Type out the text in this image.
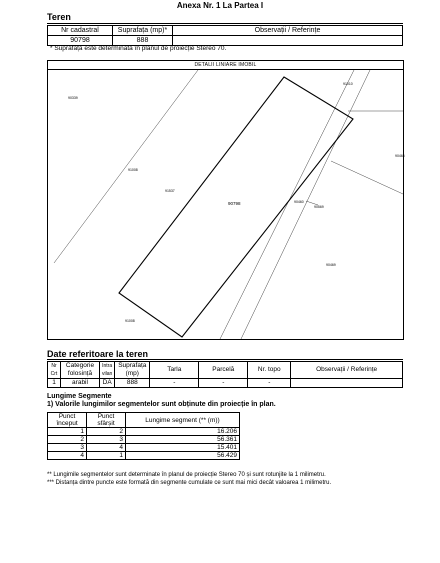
Anexa Nr. 1 La Partea I
Teren
Nr cadastral	Suprafața (mp)*	Observații / Referințe
90798	888	
* Suprafața este determinată în planul de proiecție Stereo 70.
90339
91008
91010
91537
90460
90569
90465
90469
91008
90798
DETALII LINIARE IMOBIL
Date referitoare la teren
Nr Crt	Categorie folosință	Intra vilan	Suprafața (mp)	Tarla	Parcelă	Nr. topo	Observații / Referințe
1	arabil	DA	888	-	-	-	
Lungime Segmente
1) Valorile lungimilor segmentelor sunt obținute din proiecție în plan.
Punct început	Punct sfârșit	Lungime segment (** (m))
1	2	16.206
2	3	56.361
3	4	15.401
4	1	56.429
** Lungimile segmentelor sunt determinate în planul de proiecție Stereo 70 și sunt rotunjite la 1 milimetru.
*** Distanța dintre puncte este formată din segmente cumulate ce sunt mai mici decât valoarea 1 milimetru.
